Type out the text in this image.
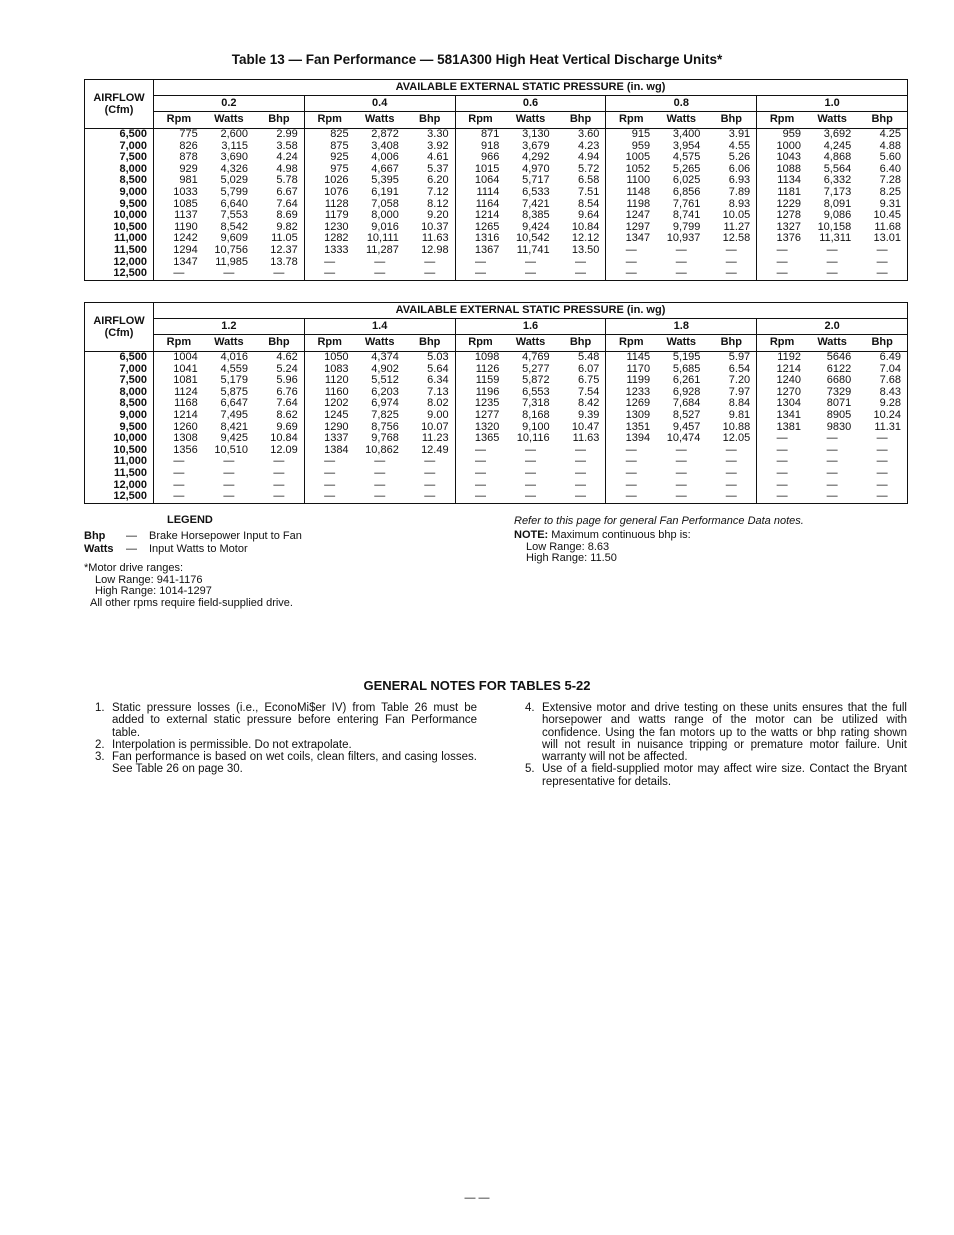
Table 13 — Fan Performance — 581A300 High Heat Vertical Discharge Units*
AIRFLOW
(Cfm)	AVAILABLE EXTERNAL STATIC PRESSURE (in. wg)														
	0.2			0.4			0.6			0.8			1.0		
	Rpm	Watts	Bhp	Rpm	Watts	Bhp	Rpm	Watts	Bhp	Rpm	Watts	Bhp	Rpm	Watts	Bhp
6,500	775	2,600	2.99	825	2,872	3.30	871	3,130	3.60	915	3,400	3.91	959	3,692	4.25
7,000	826	3,115	3.58	875	3,408	3.92	918	3,679	4.23	959	3,954	4.55	1000	4,245	4.88
7,500	878	3,690	4.24	925	4,006	4.61	966	4,292	4.94	1005	4,575	5.26	1043	4,868	5.60
8,000	929	4,326	4.98	975	4,667	5.37	1015	4,970	5.72	1052	5,265	6.06	1088	5,564	6.40
8,500	981	5,029	5.78	1026	5,395	6.20	1064	5,717	6.58	1100	6,025	6.93	1134	6,332	7.28
9,000	1033	5,799	6.67	1076	6,191	7.12	1114	6,533	7.51	1148	6,856	7.89	1181	7,173	8.25
9,500	1085	6,640	7.64	1128	7,058	8.12	1164	7,421	8.54	1198	7,761	8.93	1229	8,091	9.31
10,000	1137	7,553	8.69	1179	8,000	9.20	1214	8,385	9.64	1247	8,741	10.05	1278	9,086	10.45
10,500	1190	8,542	9.82	1230	9,016	10.37	1265	9,424	10.84	1297	9,799	11.27	1327	10,158	11.68
11,000	1242	9,609	11.05	1282	10,111	11.63	1316	10,542	12.12	1347	10,937	12.58	1376	11,311	13.01
11,500	1294	10,756	12.37	1333	11,287	12.98	1367	11,741	13.50	—	—	—	—	—	—
12,000	1347	11,985	13.78	—	—	—	—	—	—	—	—	—	—	—	—
12,500	—	—	—	—	—	—	—	—	—	—	—	—	—	—	—
AIRFLOW
(Cfm)	AVAILABLE EXTERNAL STATIC PRESSURE (in. wg)														
	1.2			1.4			1.6			1.8			2.0		
	Rpm	Watts	Bhp	Rpm	Watts	Bhp	Rpm	Watts	Bhp	Rpm	Watts	Bhp	Rpm	Watts	Bhp
6,500	1004	4,016	4.62	1050	4,374	5.03	1098	4,769	5.48	1145	5,195	5.97	1192	5646	6.49
7,000	1041	4,559	5.24	1083	4,902	5.64	1126	5,277	6.07	1170	5,685	6.54	1214	6122	7.04
7,500	1081	5,179	5.96	1120	5,512	6.34	1159	5,872	6.75	1199	6,261	7.20	1240	6680	7.68
8,000	1124	5,875	6.76	1160	6,203	7.13	1196	6,553	7.54	1233	6,928	7.97	1270	7329	8.43
8,500	1168	6,647	7.64	1202	6,974	8.02	1235	7,318	8.42	1269	7,684	8.84	1304	8071	9.28
9,000	1214	7,495	8.62	1245	7,825	9.00	1277	8,168	9.39	1309	8,527	9.81	1341	8905	10.24
9,500	1260	8,421	9.69	1290	8,756	10.07	1320	9,100	10.47	1351	9,457	10.88	1381	9830	11.31
10,000	1308	9,425	10.84	1337	9,768	11.23	1365	10,116	11.63	1394	10,474	12.05	—	—	—
10,500	1356	10,510	12.09	1384	10,862	12.49	—	—	—	—	—	—	—	—	—
11,000	—	—	—	—	—	—	—	—	—	—	—	—	—	—	—
11,500	—	—	—	—	—	—	—	—	—	—	—	—	—	—	—
12,000	—	—	—	—	—	—	—	—	—	—	—	—	—	—	—
12,500	—	—	—	—	—	—	—	—	—	—	—	—	—	—	—
LEGEND
Bhp — Brake Horsepower Input to Fan
Watts — Input Watts to Motor
*Motor drive ranges:
Low Range: 941-1176
High Range: 1014-1297
All other rpms require field-supplied drive.
Refer to this page for general Fan Performance Data notes.
NOTE: Maximum continuous bhp is:
Low Range: 8.63
High Range: 11.50
GENERAL NOTES FOR TABLES 5-22
1. Static pressure losses (i.e., EconoMi$er IV) from Table 26 must be added to external static pressure before entering Fan Performance table.
2. Interpolation is permissible. Do not extrapolate.
3. Fan performance is based on wet coils, clean filters, and casing losses. See Table 26 on page 30.
4. Extensive motor and drive testing on these units ensures that the full horsepower and watts range of the motor can be utilized with confidence. Using the fan motors up to the watts or bhp rating shown will not result in nuisance tripping or premature motor failure. Unit warranty will not be affected.
5. Use of a field-supplied motor may affect wire size. Contact the Bryant representative for details.
— —
